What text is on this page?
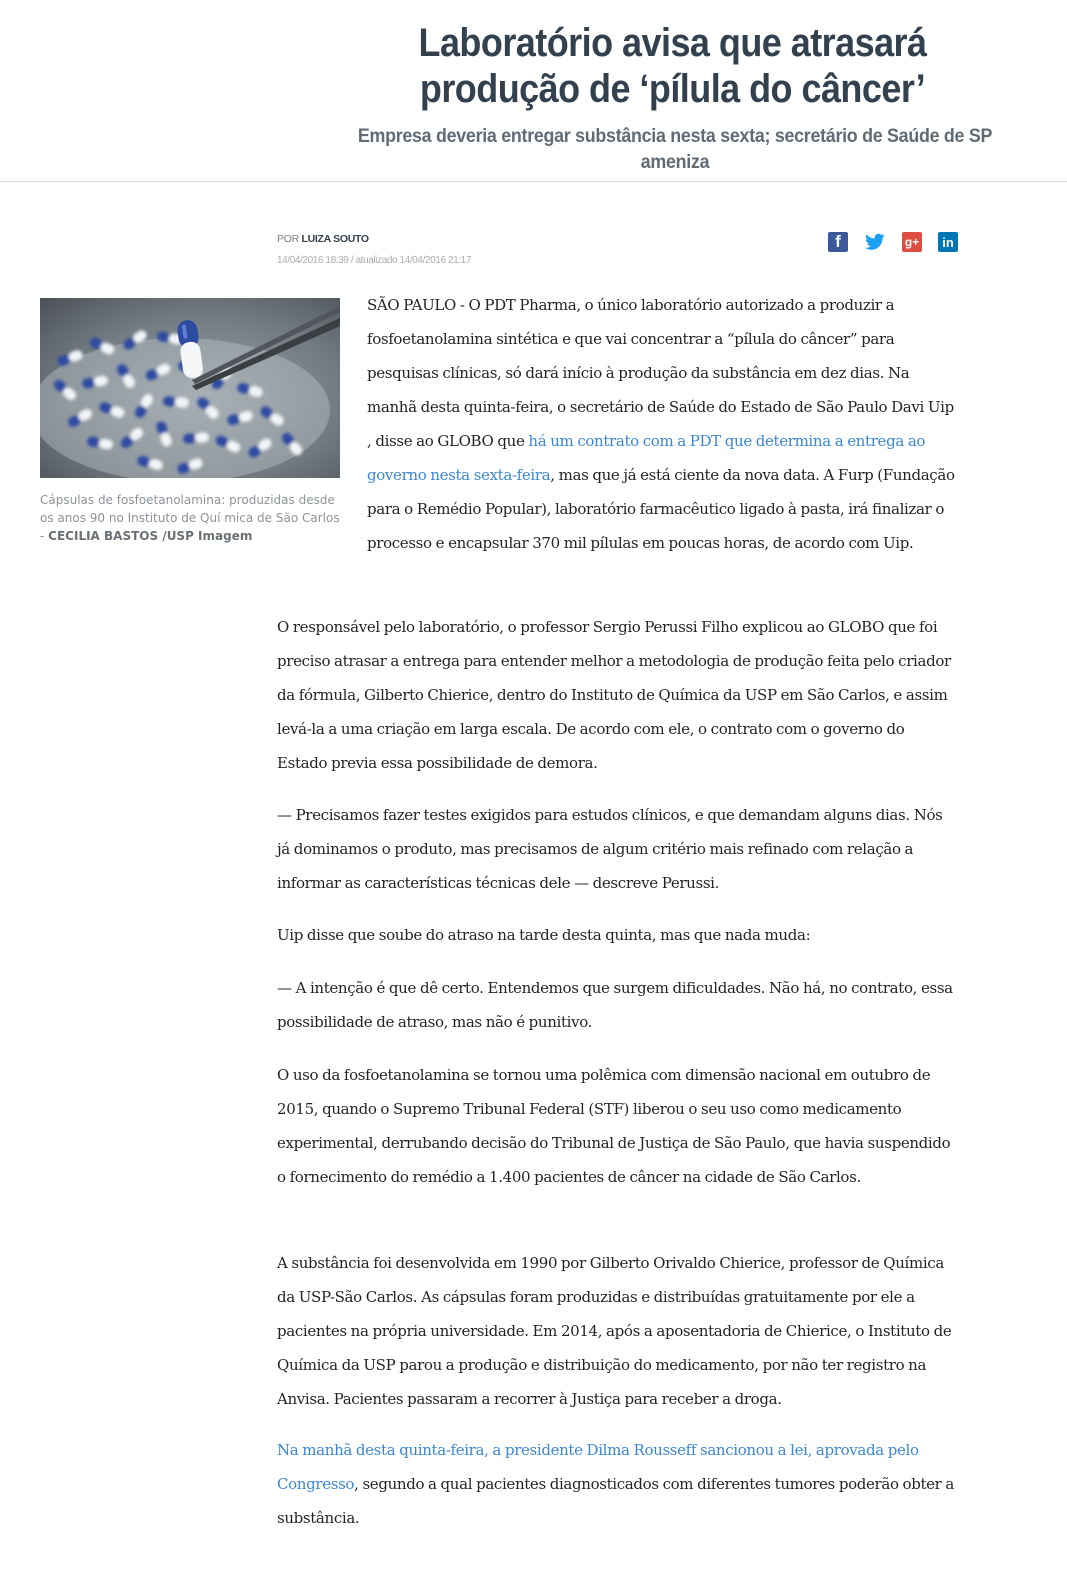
Laboratório avisa que atrasará produção de ‘pílula do câncer’
Empresa deveria entregar substância nesta sexta; secretário de Saúde de SP ameniza
POR LUIZA SOUTO
14/04/2016 18:39 / atualizado 14/04/2016 21:17
f	g+ in

Cápsulas de fosfoetanolamina: produzidas desde os anos 90 no Instituto de Quí mica de São Carlos - CECILIA BASTOS /USP Imagem

SÃO PAULO - O PDT Pharma, o único laboratório autorizado a produzir a fosfoetanolamina sintética e que vai concentrar a “pílula do câncer” para pesquisas clínicas, só dará início à produção da substância em dez dias. Na manhã desta quinta-feira, o secretário de Saúde do Estado de São Paulo Davi Uip , disse ao GLOBO que há um contrato com a PDT que determina a entrega ao governo nesta sexta-feira, mas que já está ciente da nova data. A Furp (Fundação para o Remédio Popular), laboratório farmacêutico ligado à pasta, irá finalizar o processo e encapsular 370 mil pílulas em poucas horas, de acordo com Uip.

O responsável pelo laboratório, o professor Sergio Perussi Filho explicou ao GLOBO que foi preciso atrasar a entrega para entender melhor a metodologia de produção feita pelo criador da fórmula, Gilberto Chierice, dentro do Instituto de Química da USP em São Carlos, e assim levá-la a uma criação em larga escala. De acordo com ele, o contrato com o governo do Estado previa essa possibilidade de demora.

— Precisamos fazer testes exigidos para estudos clínicos, e que demandam alguns dias. Nós já dominamos o produto, mas precisamos de algum critério mais refinado com relação a informar as características técnicas dele — descreve Perussi.

Uip disse que soube do atraso na tarde desta quinta, mas que nada muda:

— A intenção é que dê certo. Entendemos que surgem dificuldades. Não há, no contrato, essa possibilidade de atraso, mas não é punitivo.

O uso da fosfoetanolamina se tornou uma polêmica com dimensão nacional em outubro de 2015, quando o Supremo Tribunal Federal (STF) liberou o seu uso como medicamento experimental, derrubando decisão do Tribunal de Justiça de São Paulo, que havia suspendido o fornecimento do remédio a 1.400 pacientes de câncer na cidade de São Carlos.

A substância foi desenvolvida em 1990 por Gilberto Orivaldo Chierice, professor de Química da USP-São Carlos. As cápsulas foram produzidas e distribuídas gratuitamente por ele a pacientes na própria universidade. Em 2014, após a aposentadoria de Chierice, o Instituto de Química da USP parou a produção e distribuição do medicamento, por não ter registro na Anvisa. Pacientes passaram a recorrer à Justiça para receber a droga.

Na manhã desta quinta-feira, a presidente Dilma Rousseff sancionou a lei, aprovada pelo Congresso, segundo a qual pacientes diagnosticados com diferentes tumores poderão obter a substância.
